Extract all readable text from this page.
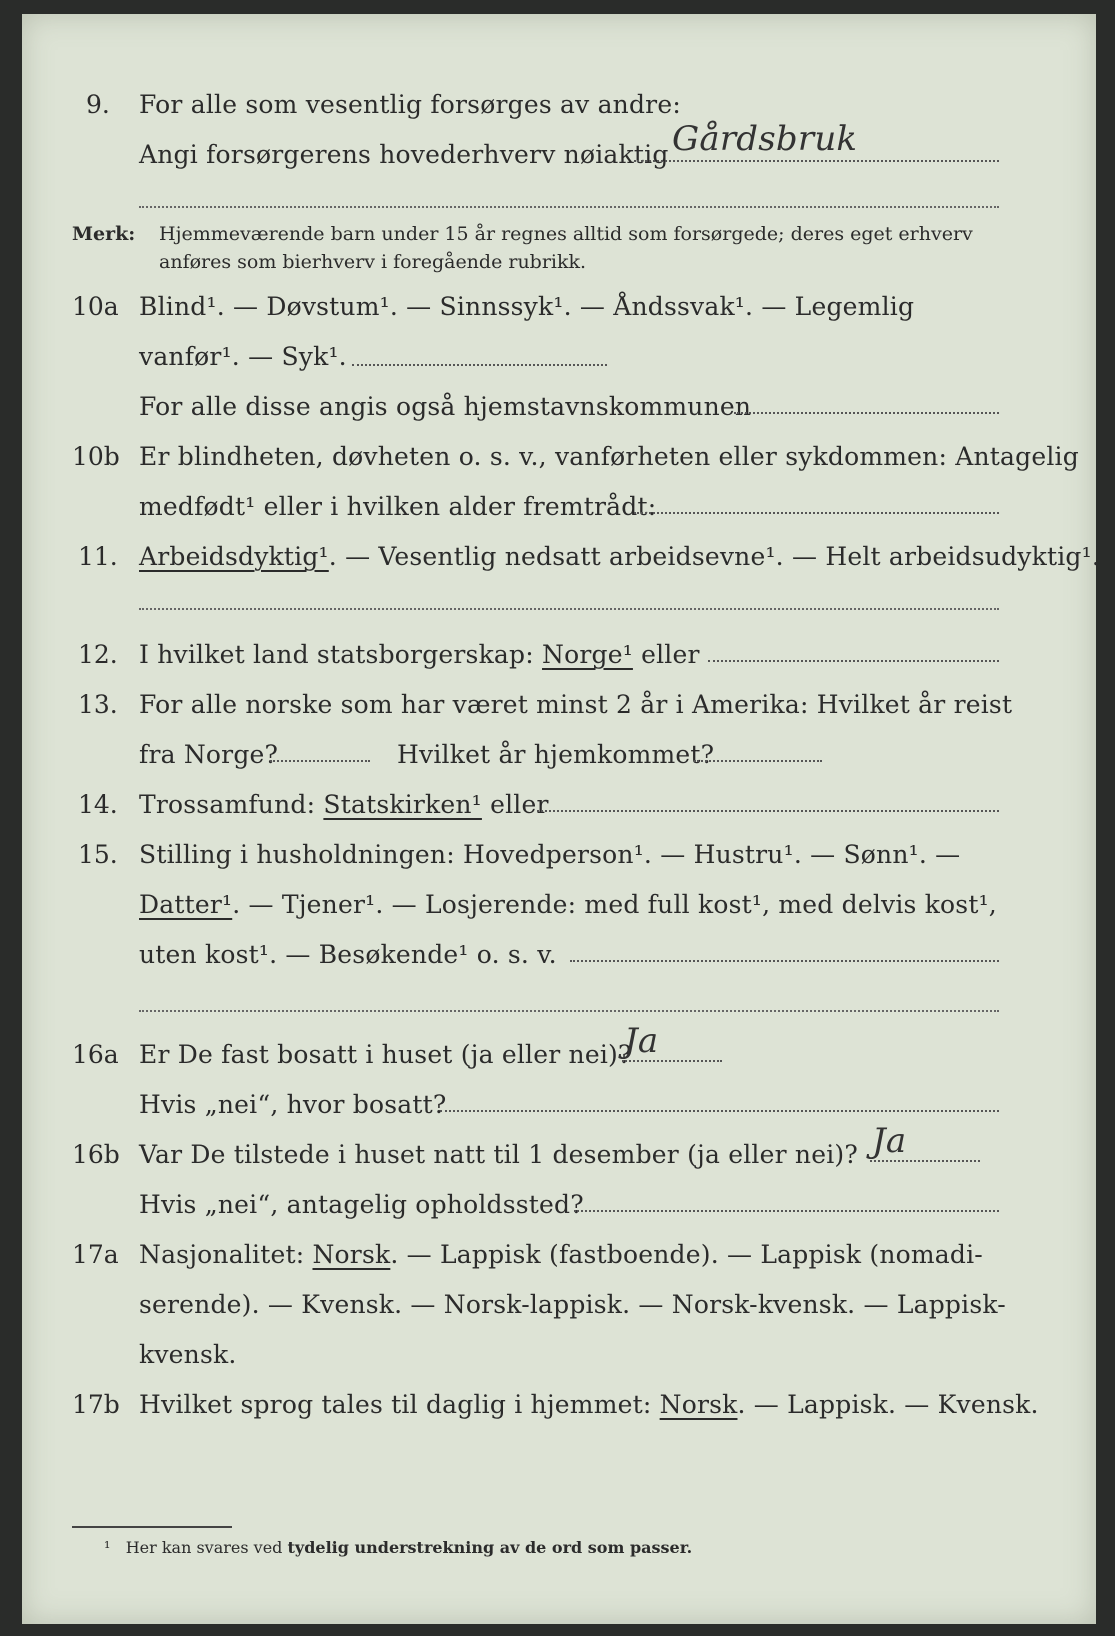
9. For alle som vesentlig forsørges av andre:
Angi forsørgerens hovederhverv nøiaktig Gårdsbruk
Merk: Hjemmeværende barn under 15 år regnes alltid som forsørgede; deres eget erhverv
anføres som bierhverv i foregående rubrikk.
10a Blind¹. — Døvstum¹. — Sinnssyk¹. — Åndssvak¹. — Legemlig
vanfør¹. — Syk¹.
For alle disse angis også hjemstavnskommunen
10b Er blindheten, døvheten o. s. v., vanførheten eller sykdommen: Antagelig
medfødt¹ eller i hvilken alder fremtrådt:
11. Arbeidsdyktig¹. — Vesentlig nedsatt arbeidsevne¹. — Helt arbeidsudyktig¹.
12. I hvilket land statsborgerskap: Norge¹ eller
13. For alle norske som har været minst 2 år i Amerika: Hvilket år reist
fra Norge?	Hvilket år hjemkommet?
14. Trossamfund: Statskirken¹ eller
15. Stilling i husholdningen: Hovedperson¹. — Hustru¹. — Sønn¹. —
Datter¹. — Tjener¹. — Losjerende: med full kost¹, med delvis kost¹,
uten kost¹. — Besøkende¹ o. s. v.
16a Er De fast bosatt i huset (ja eller nei)?
Ja
Hvis „nei“, hvor bosatt?
16b Var De tilstede i huset natt til 1 desember (ja eller nei)? Ja
Hvis „nei“, antagelig opholdssted?
17a Nasjonalitet: Norsk. — Lappisk (fastboende). — Lappisk (nomadi-
serende). — Kvensk. — Norsk-lappisk. — Norsk-kvensk. — Lappisk-
kvensk.
17b Hvilket sprog tales til daglig i hjemmet: Norsk. — Lappisk. — Kvensk.
¹ Her kan svares ved tydelig understrekning av de ord som passer.
